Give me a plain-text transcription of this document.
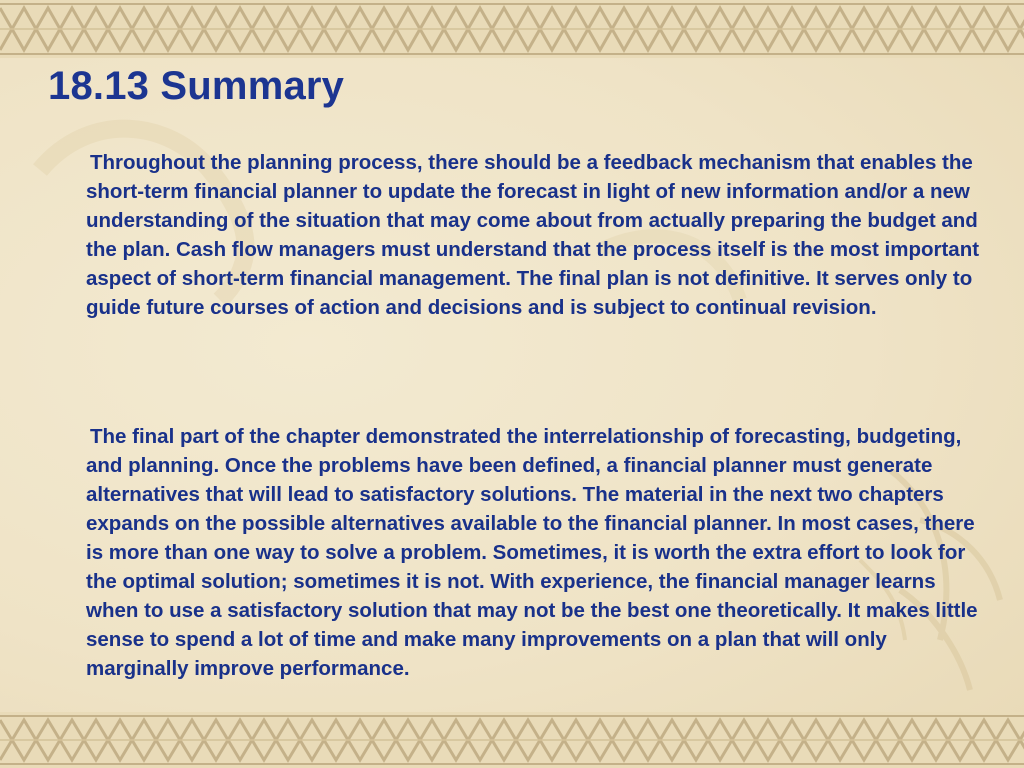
18.13 Summary

Throughout the planning process, there should be a feedback mechanism that enables the short-term financial planner to update the forecast in light of new information and/or a new understanding of the situation that may come about from actually preparing the budget and the plan. Cash flow managers must understand that the process itself is the most important aspect of short-term financial management. The final plan is not definitive. It serves only to guide future courses of action and decisions and is subject to continual revision.

The final part of the chapter demonstrated the interrelationship of forecasting, budgeting, and planning. Once the problems have been defined, a financial planner must generate alternatives that will lead to satisfactory solutions. The material in the next two chapters expands on the possible alternatives available to the financial planner. In most cases, there is more than one way to solve a problem. Sometimes, it is worth the extra effort to look for the optimal solution; sometimes it is not. With experience, the financial manager learns when to use a satisfactory solution that may not be the best one theoretically. It makes little sense to spend a lot of time and make many improvements on a plan that will only marginally improve performance.
